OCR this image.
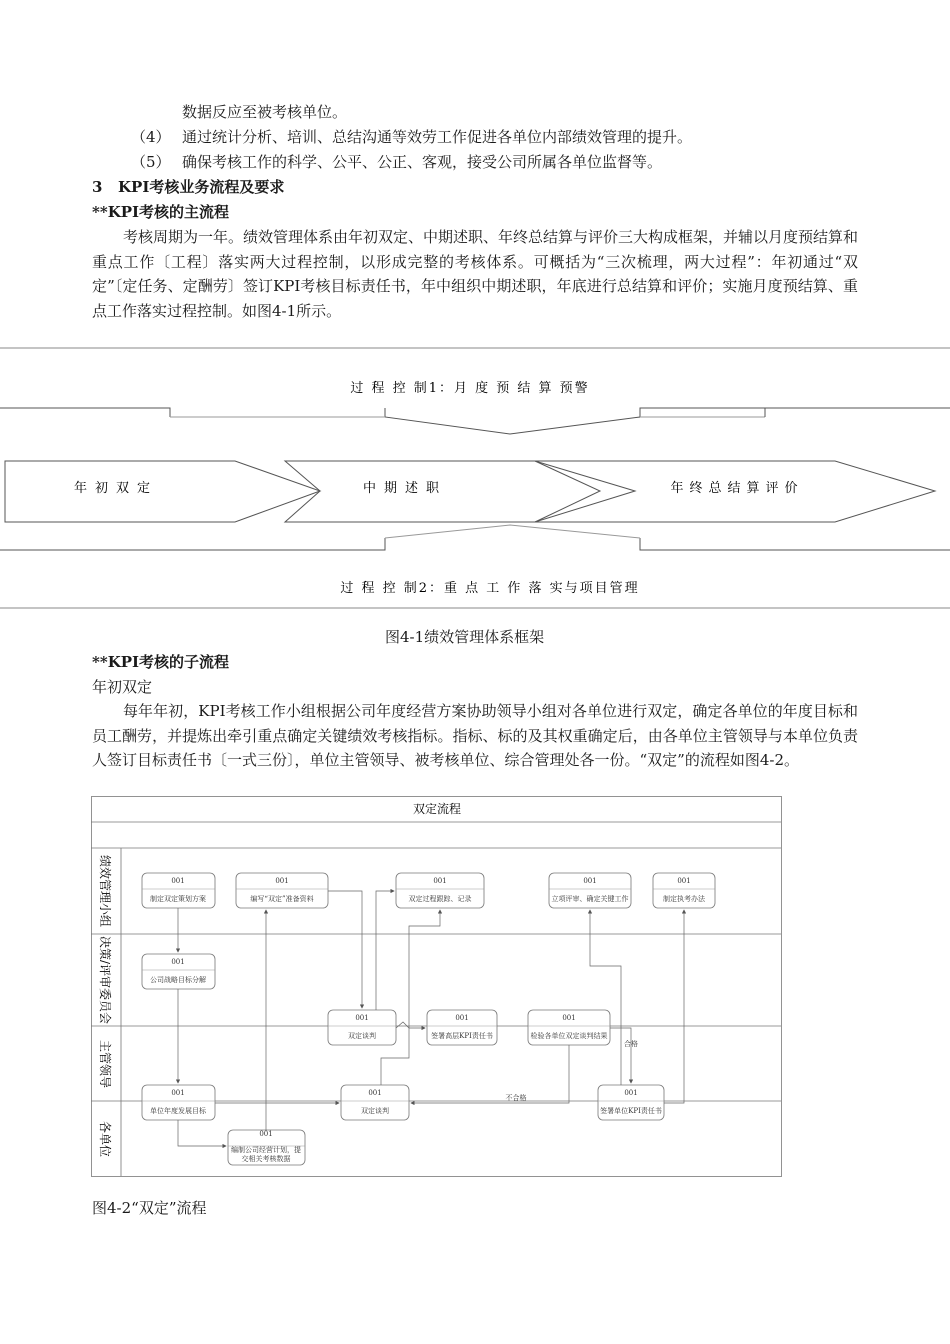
数据反应至被考核单位。
（4） 通过统计分析、培训、总结沟通等效劳工作促进各单位内部绩效管理的提升。
（5） 确保考核工作的科学、公平、公正、客观，接受公司所属各单位监督等。
3 KPI考核业务流程及要求
**KPI考核的主流程
考核周期为一年。绩效管理体系由年初双定、中期述职、年终总结算与评价三大构成框架，并辅以月度预结算和重点工作〔工程〕落实两大过程控制，以形成完整的考核体系。可概括为“三次梳理，两大过程”：年初通过“双定”〔定任务、定酬劳〕签订KPI考核目标责任书，年中组织中期述职，年底进行总结算和评价；实施月度预结算、重点工作落实过程控制。如图4-1所示。
过 程 控 制1：月 度 预 结 算 预警
年初双定	中期述职	年终总结算评价
过 程 控 制2：重 点 工 作 落 实与项目管理
图4-1绩效管理体系框架
**KPI考核的子流程
年初双定
每年年初，KPI考核工作小组根据公司年度经营方案协助领导小组对各单位进行双定，确定各单位的年度目标和员工酬劳，并提炼出牵引重点确定关键绩效考核指标。指标、标的及其权重确定后，由各单位主管领导与本单位负责人签订目标责任书〔一式三份〕，单位主管领导、被考核单位、综合管理处各一份。“双定”的流程如图4-2。
双定流程
绩效管理小组
决策/评审委员会
主管领导
各单位
001
制定双定策划方案
001
编写“双定”准备资料
001
双定过程跟踪、记录
001
立项评审、确定关键工作
001
制定执考办法
001
公司战略目标分解
001
双定谈判
001
签署高层KPI责任书
001
检验各单位双定谈判结果
001
单位年度发展目标
001
双定谈判
001
签署单位KPI责任书
001
编制公司经营计划，提
交相关考核数据
合格
不合格
图4-2“双定”流程
